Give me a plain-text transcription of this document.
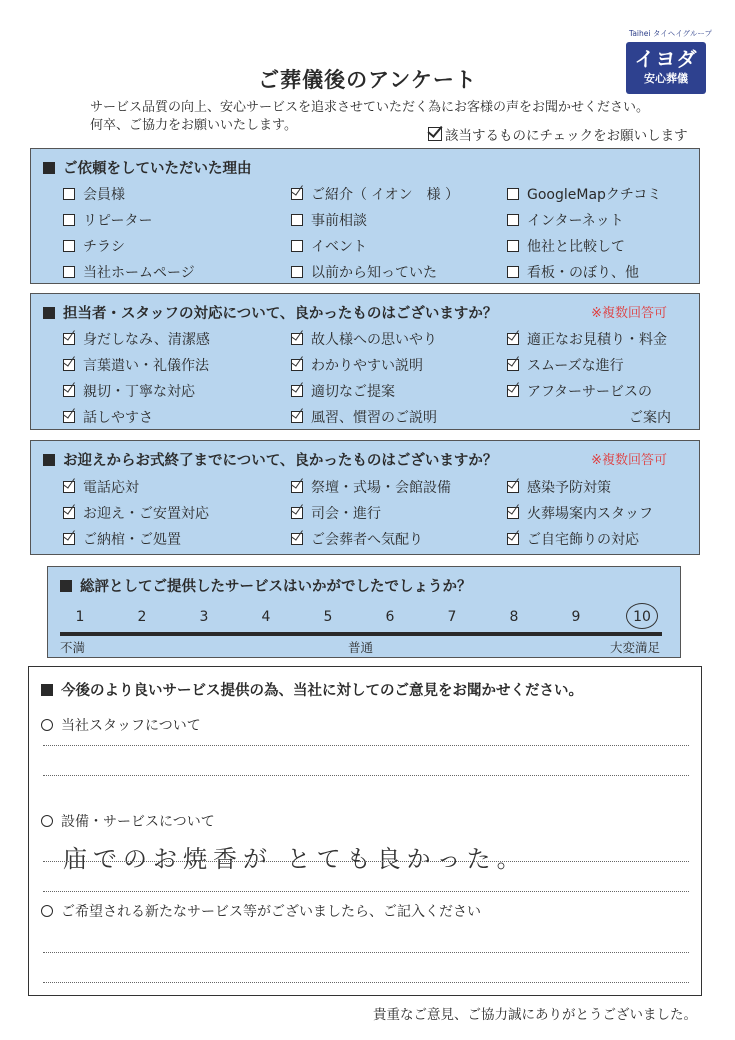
Taihei タイヘイグループ
イヨダ
安心葬儀
ご葬儀後のアンケート
サービス品質の向上、安心サービスを追求させていただく為にお客様の声をお聞かせください。
何卒、ご協力をお願いいたします。
該当するものにチェックをお願いします
ご依頼をしていただいた理由
会員様	ご紹介（ イオン 様 ）	GoogleMapクチコミ
リピーター	事前相談	インターネット
チラシ	イベント	他社と比較して
当社ホームページ	以前から知っていた	看板・のぼり、他
担当者・スタッフの対応について、良かったものはございますか？	※複数回答可
身だしなみ、清潔感	故人様への思いやり	適正なお見積り・料金
言葉遣い・礼儀作法	わかりやすい説明	スムーズな進行
親切・丁寧な対応	適切なご提案	アフターサービスの
話しやすさ	風習、慣習のご説明	ご案内
お迎えからお式終了までについて、良かったものはございますか？	※複数回答可
電話応対	祭壇・式場・会館設備	感染予防対策
お迎え・ご安置対応	司会・進行	火葬場案内スタッフ
ご納棺・ご処置	ご会葬者へ気配り	ご自宅飾りの対応
総評としてご提供したサービスはいかがでしたでしょうか？
1	2	3	4	5	6	7	8	9	10
不満	普通	大変満足
今後のより良いサービス提供の為、当社に対してのご意見をお聞かせください。
当社スタッフについて
設備・サービスについて
庙でのお焼香が とても良かった。
ご希望される新たなサービス等がございましたら、ご記入ください
貴重なご意見、ご協力誠にありがとうございました。
